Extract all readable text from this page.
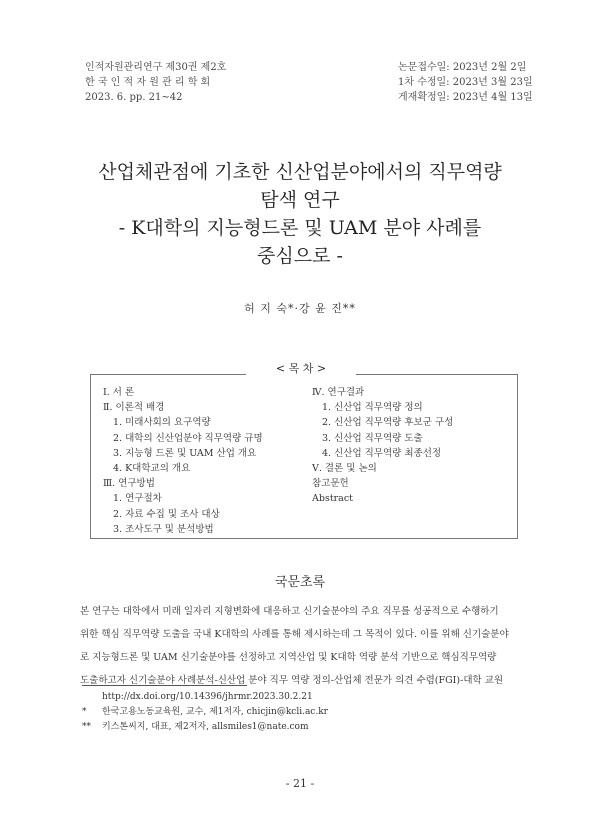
인적자원관리연구 제30권 제2호
한 국 인 적 자 원 관 리 학 회
2023. 6. pp. 21∼42
논문접수일: 2023년 2월 2일
1차 수정일: 2023년 3월 23일
게재확정일: 2023년 4월 13일
산업체관점에 기초한 신산업분야에서의 직무역량
탐색 연구
- K대학의 지능형드론 및 UAM 분야 사례를
중심으로 -
허 지 숙*·강 윤 진**
< 목 차 >
Ⅰ. 서 론
Ⅱ. 이론적 배경
1. 미래사회의 요구역량
2. 대학의 신산업분야 직무역량 규명
3. 지능형 드론 및 UAM 산업 개요
4. K대학교의 개요
Ⅲ. 연구방법
1. 연구절차
2. 자료 수집 및 조사 대상
3. 조사도구 및 분석방법
Ⅳ. 연구결과
1. 신산업 직무역량 정의
2. 신산업 직무역량 후보군 구성
3. 신산업 직무역량 도출
4. 신산업 직무역량 최종선정
Ⅴ. 결론 및 논의
참고문헌
Abstract
국문초록
본 연구는 대학에서 미래 일자리 지형변화에 대응하고 신기술분야의 주요 직무를 성공적으로 수행하기
위한 핵심 직무역량 도출을 국내 K대학의 사례를 통해 제시하는데 그 목적이 있다. 이를 위해 신기술분야
로 지능형드론 및 UAM 신기술분야를 선정하고 지역산업 및 K대학 역량 분석 기반으로 핵심직무역량
도출하고자 신기술분야 사례분석-신산업 분야 직무 역량 정의-산업체 전문가 의견 수렴(FGI)-대학 교원
http://dx.doi.org/10.14396/jhrmr.2023.30.2.21
* 한국고용노동교육원, 교수, 제1저자, chicjin@kcli.ac.kr
** 키스톤씨지, 대표, 제2저자, allsmiles1@nate.com
- 21 -
